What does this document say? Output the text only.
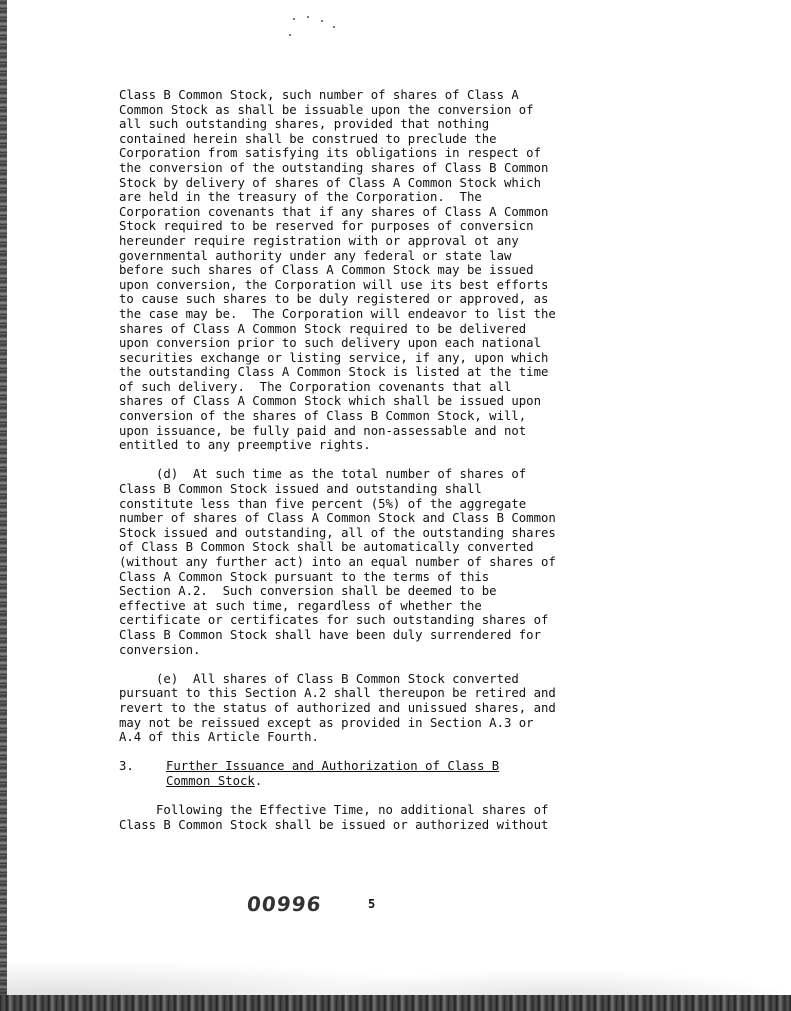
Class B Common Stock, such number of shares of Class A
Common Stock as shall be issuable upon the conversion of
all such outstanding shares, provided that nothing
contained herein shall be construed to preclude the
Corporation from satisfying its obligations in respect of
the conversion of the outstanding shares of Class B Common
Stock by delivery of shares of Class A Common Stock which
are held in the treasury of the Corporation.  The
Corporation covenants that if any shares of Class A Common
Stock required to be reserved for purposes of conversicn
hereunder require registration with or approval ot any
governmental authority under any federal or state law
before such shares of Class A Common Stock may be issued
upon conversion, the Corporation will use its best efforts
to cause such shares to be duly registered or approved, as
the case may be.  The Corporation will endeavor to list the
shares of Class A Common Stock required to be delivered
upon conversion prior to such delivery upon each national
securities exchange or listing service, if any, upon which
the outstanding Class A Common Stock is listed at the time
of such delivery.  The Corporation covenants that all
shares of Class A Common Stock which shall be issued upon
conversion of the shares of Class B Common Stock, will,
upon issuance, be fully paid and non-assessable and not
entitled to any preemptive rights.
(d)  At such time as the total number of shares of
Class B Common Stock issued and outstanding shall
constitute less than five percent (5%) of the aggregate
number of shares of Class A Common Stock and Class B Common
Stock issued and outstanding, all of the outstanding shares
of Class B Common Stock shall be automatically converted
(without any further act) into an equal number of shares of
Class A Common Stock pursuant to the terms of this
Section A.2.  Such conversion shall be deemed to be
effective at such time, regardless of whether the
certificate or certificates for such outstanding shares of
Class B Common Stock shall have been duly surrendered for
conversion.
(e)  All shares of Class B Common Stock converted
pursuant to this Section A.2 shall thereupon be retired and
revert to the status of authorized and unissued shares, and
may not be reissued except as provided in Section A.3 or
A.4 of this Article Fourth.
3.	Further Issuance and Authorization of Class B
Common Stock.
Following the Effective Time, no additional shares of
Class B Common Stock shall be issued or authorized without
00996	5
